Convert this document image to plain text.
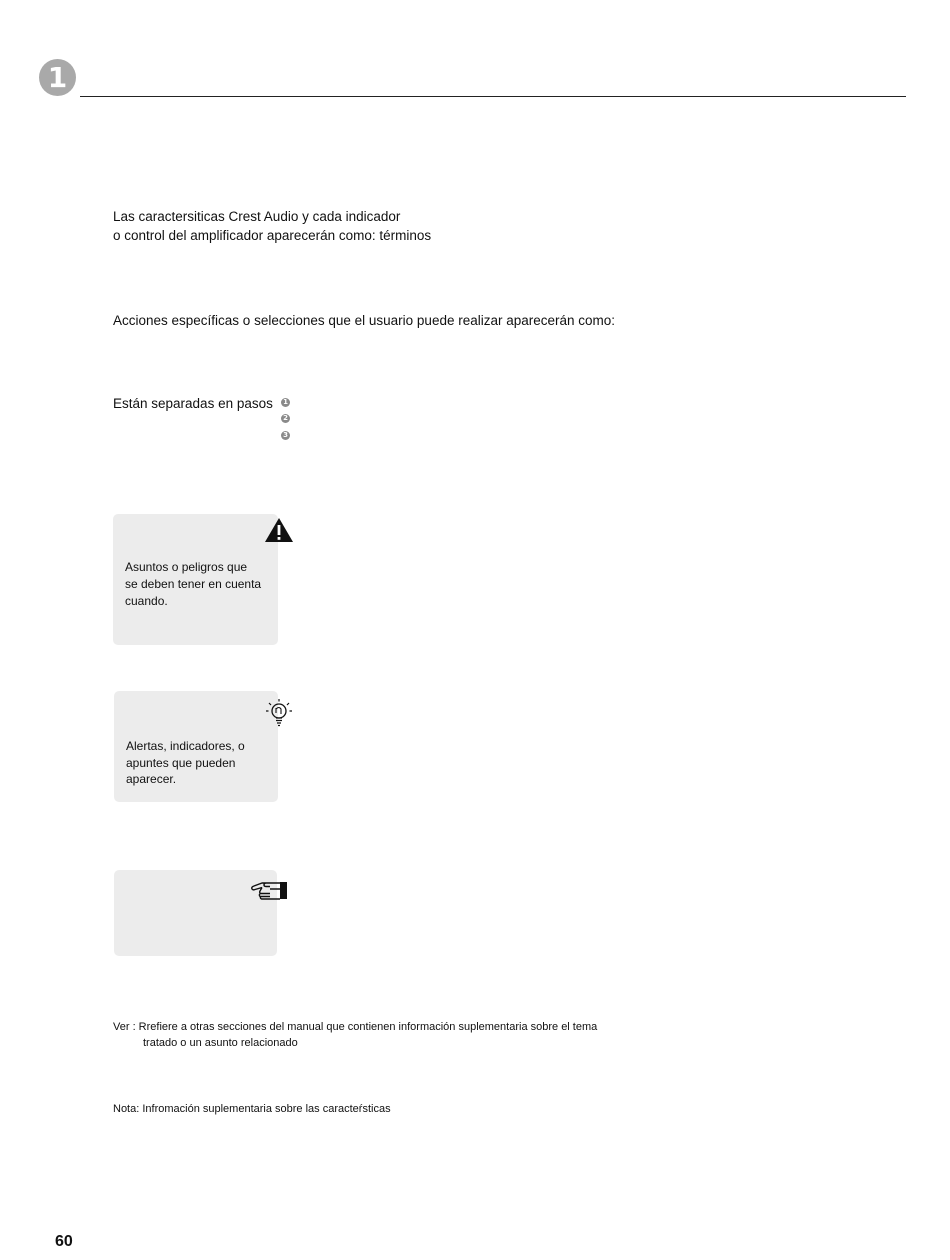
1
Las caractersiticas Crest Audio y cada indicador
o control del amplificador aparecerán como: términos
Acciones específicas o selecciones que el usuario puede realizar aparecerán como:
Están separadas en pasos 1
2
3
Asuntos o peligros que
se deben tener en cuenta
cuando.
Alertas, indicadores, o
apuntes que pueden
aparecer.
Ver : Rrefiere a otras secciones del manual que contienen información suplementaria sobre el tema
tratado o un asunto relacionado
Nota: Infromación suplementaria sobre las caracteŕsticas
60
